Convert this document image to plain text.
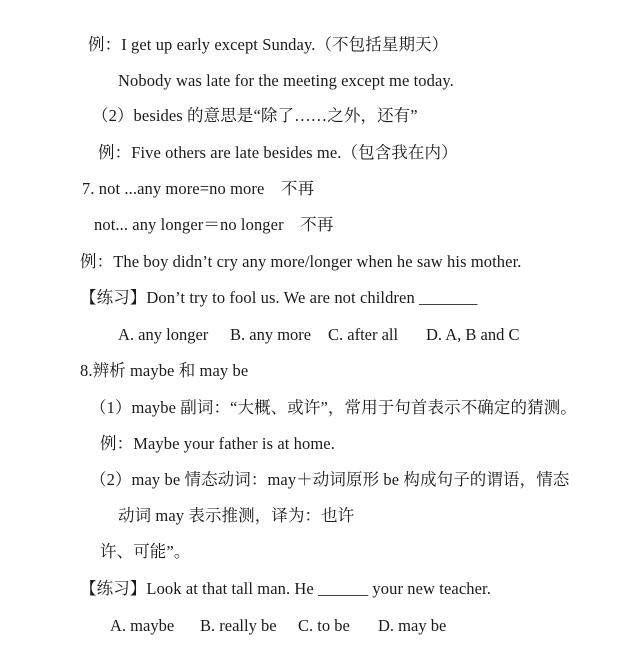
例：I get up early except Sunday.（不包括星期天）
Nobody was late for the meeting except me today.
（2）besides 的意思是“除了……之外，还有”
例：Five others are late besides me.（包含我在内）
7. not ...any more=no more　不再
not... any longer＝no longer　不再
例：The boy didn’t cry any more/longer when he saw his mother.
【练习】Don’t try to fool us. We are not children _______
A. any longer B. any more C. after all D. A, B and C
8.辨析 maybe 和 may be
（1）maybe 副词：“大概、或许”，常用于句首表示不确定的猜测。
例：Maybe your father is at home.
（2）may be 情态动词：may＋动词原形 be 构成句子的谓语，情态
动词 may 表示推测，译为：也许
许、可能”。
【练习】Look at that tall man. He ______ your new teacher.
A. maybe B. really be C. to be D. may be
